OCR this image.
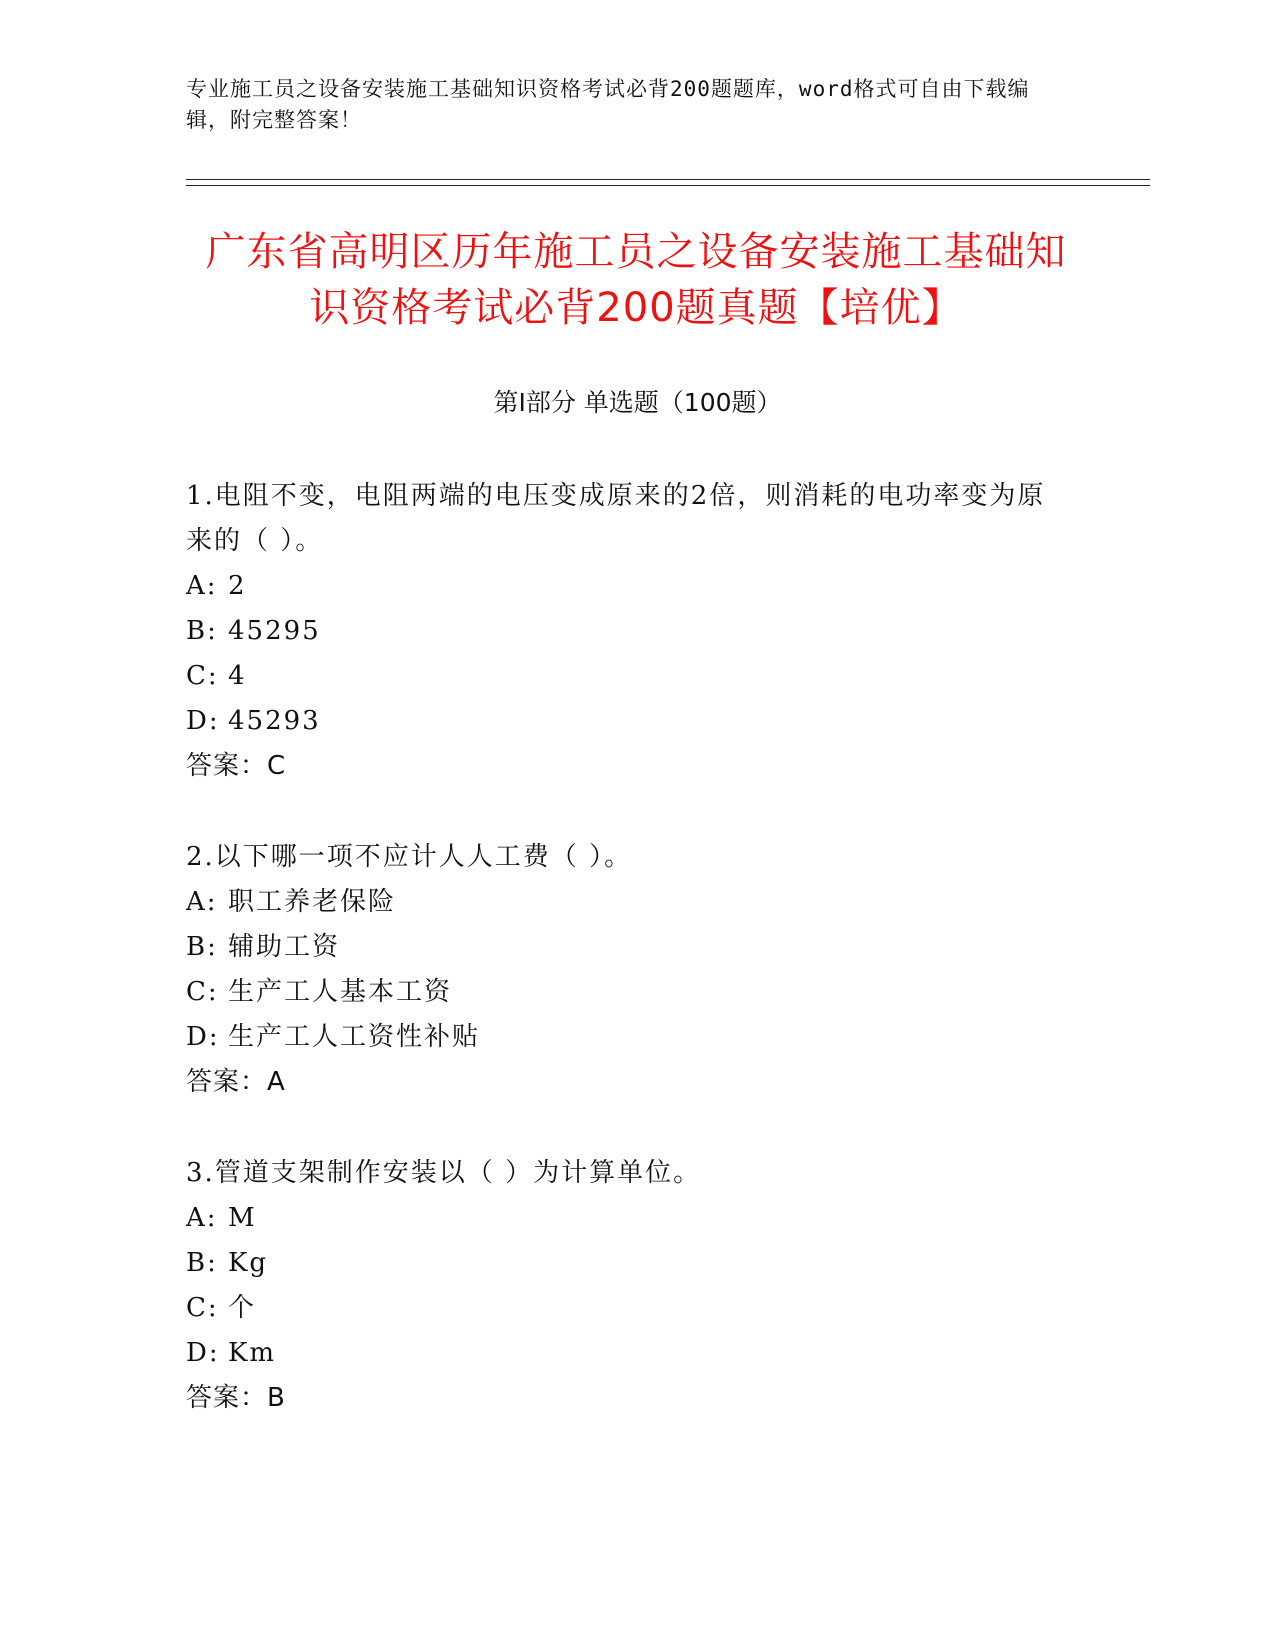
专业施工员之设备安装施工基础知识资格考试必背200题题库，word格式可自由下载编辑，附完整答案！
广东省高明区历年施工员之设备安装施工基础知识资格考试必背200题真题【培优】
第Ⅰ部分 单选题（100题）
1.电阻不变，电阻两端的电压变成原来的2倍，则消耗的电功率变为原来的（ ）。
A: 2
B: 45295
C: 4
D: 45293
答案：C
2.以下哪一项不应计人人工费（ ）。
A: 职工养老保险
B: 辅助工资
C: 生产工人基本工资
D: 生产工人工资性补贴
答案：A
3.管道支架制作安装以（ ）为计算单位。
A: M
B: Kg
C: 个
D: Km
答案：B
